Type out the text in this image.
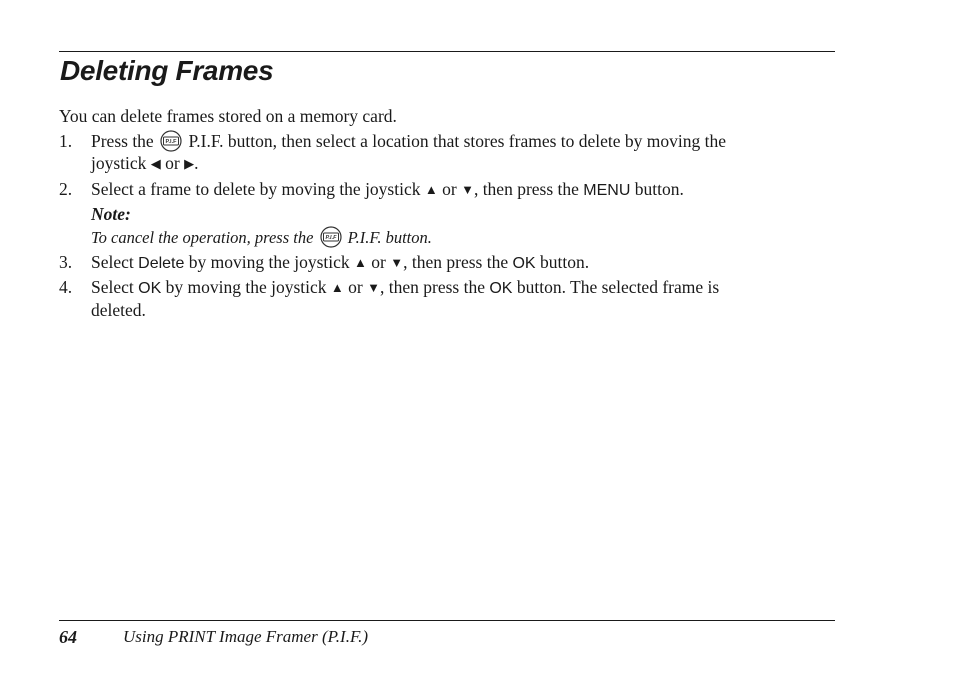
Deleting Frames
You can delete frames stored on a memory card.
1. Press the P.I.F P.I.F. button, then select a location that stores frames to delete by moving the
joystick ◀ or ▶.
2. Select a frame to delete by moving the joystick ▲ or ▼, then press the MENU button.
Note:
To cancel the operation, press the P.I.F P.I.F. button.
3. Select Delete by moving the joystick ▲ or ▼, then press the OK button.
4. Select OK by moving the joystick ▲ or ▼, then press the OK button. The selected frame is
deleted.
64	Using PRINT Image Framer (P.I.F.)
